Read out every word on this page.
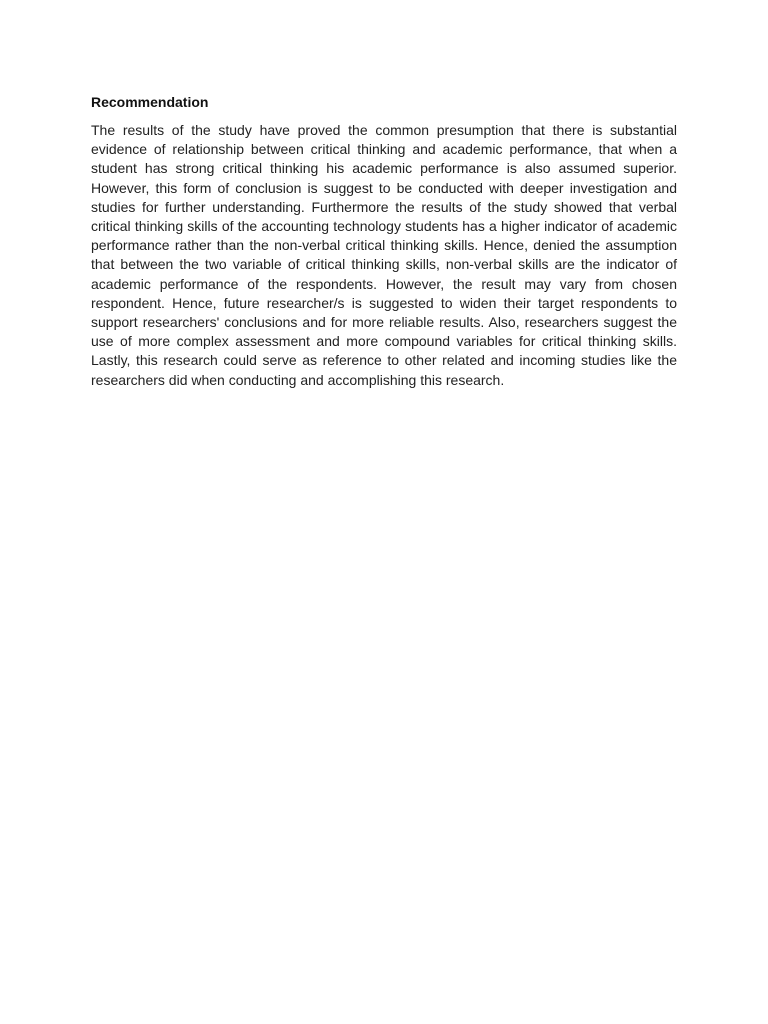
Recommendation

The results of the study have proved the common presumption that there is substantial evidence of relationship between critical thinking and academic performance, that when a student has strong critical thinking his academic performance is also assumed superior. However, this form of conclusion is suggest to be conducted with deeper investigation and studies for further understanding. Furthermore the results of the study showed that verbal critical thinking skills of the accounting technology students has a higher indicator of academic performance rather than the non-verbal critical thinking skills. Hence, denied the assumption that between the two variable of critical thinking skills, non-verbal skills are the indicator of academic performance of the respondents. However, the result may vary from chosen respondent. Hence, future researcher/s is suggested to widen their target respondents to support researchers' conclusions and for more reliable results. Also, researchers suggest the use of more complex assessment and more compound variables for critical thinking skills. Lastly, this research could serve as reference to other related and incoming studies like the researchers did when conducting and accomplishing this research.
